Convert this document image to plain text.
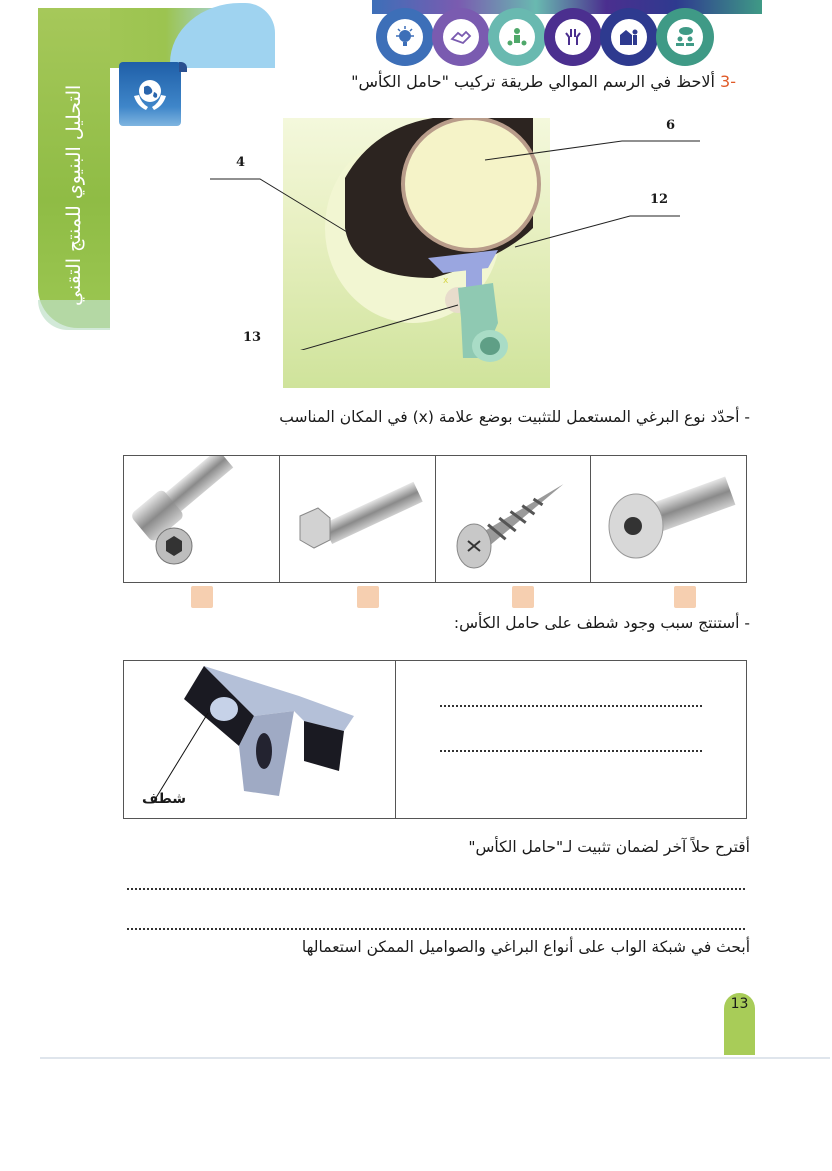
التحليل البنيوي للمنتج التقني
-3 ألاحظ في الرسم الموالي طريقة تركيب "حامل الكأس"
x
6
4
12
13
- أحدّد نوع البرغي المستعمل للتثبيت بوضع علامة (x) في المكان المناسب
- أستنتج سبب وجود شطف على حامل الكأس:
شطف
أقترح حلاً آخر لضمان تثبيت لـ"حامل الكأس"
أبحث في شبكة الواب على أنواع البراغي والصواميل الممكن استعمالها
13
